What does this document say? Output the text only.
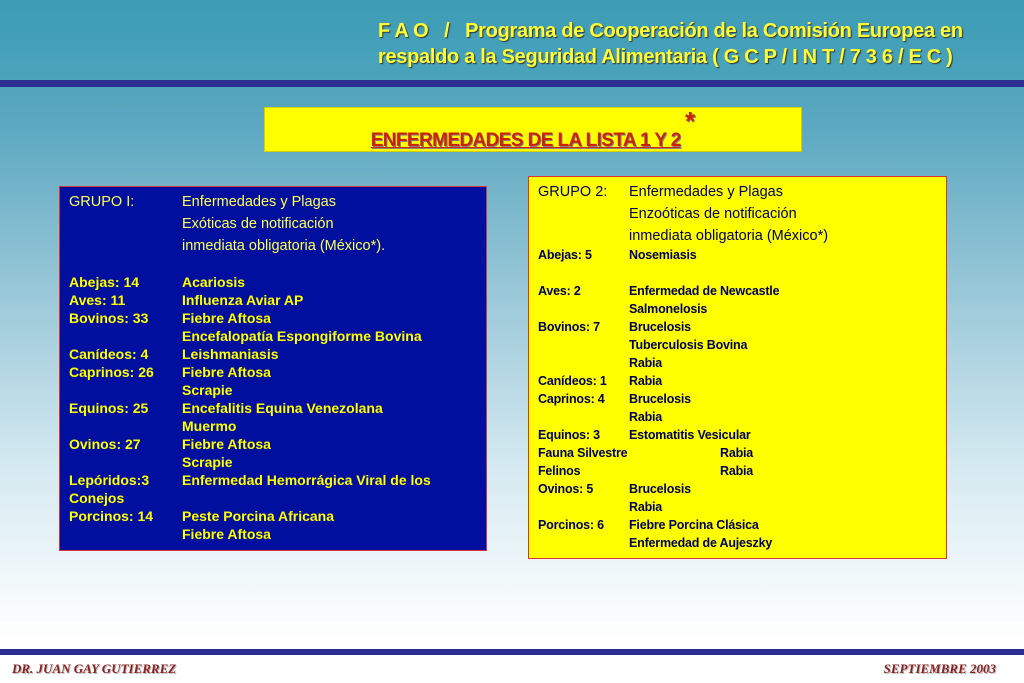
F A O   /   Programa de Cooperación de la Comisión Europea en
respaldo a la Seguridad Alimentaria ( G C P / I N T / 7 3 6 / E C )
ENFERMEDADES DE LA LISTA 1 Y 2 *
GRUPO I:	Enfermedades y Plagas
Exóticas de notificación
inmediata obligatoria (México*).
Abejas: 14	Acariosis
Aves: 11	Influenza Aviar AP
Bovinos: 33 Fiebre Aftosa
Encefalopatía Espongiforme Bovina
Canídeos: 4 Leishmaniasis
Caprinos: 26 Fiebre Aftosa
Scrapie
Equinos: 25 Encefalitis Equina Venezolana
Muermo
Ovinos: 27	Fiebre Aftosa
Scrapie
Lepóridos:3 Enfermedad Hemorrágica Viral de los
Conejos
Porcinos: 14 Peste Porcina Africana
Fiebre Aftosa
GRUPO 2: Enfermedades y Plagas
Enzoóticas de notificación
inmediata obligatoria (México*)
Abejas: 5	Nosemiasis
Aves: 2	Enfermedad de Newcastle
Salmonelosis
Bovinos: 7 Brucelosis
Tuberculosis Bovina
Rabia
Canídeos: 1 Rabia
Caprinos: 4 Brucelosis
Rabia
Equinos: 3 Estomatitis Vesicular
Fauna Silvestre	Rabia
Felinos	Rabia
Ovinos: 5	Brucelosis
Rabia
Porcinos: 6 Fiebre Porcina Clásica
Enfermedad de Aujeszky
DR. JUAN GAY GUTIERREZ	SEPTIEMBRE 2003
